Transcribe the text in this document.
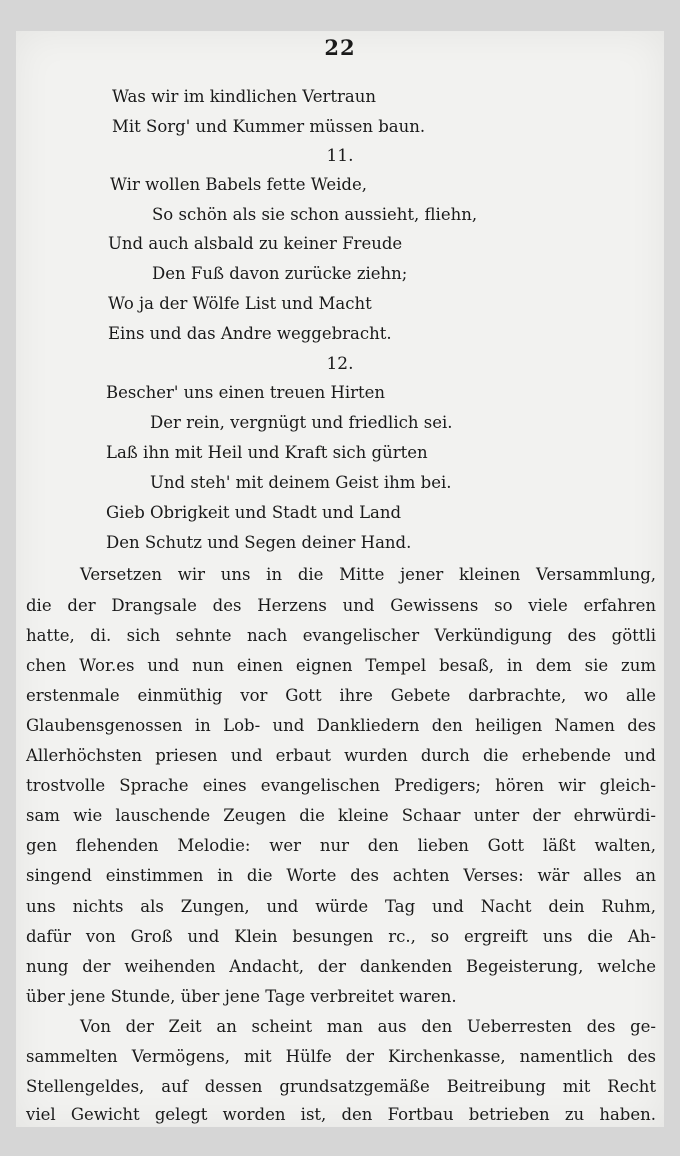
22
Was wir im kindlichen Vertraun
Mit Sorg' und Kummer müssen baun.
11.
Wir wollen Babels fette Weide,
So schön als sie schon aussieht, fliehn,
Und auch alsbald zu keiner Freude
Den Fuß davon zurücke ziehn;
Wo ja der Wölfe List und Macht
Eins und das Andre weggebracht.
12.
Bescher' uns einen treuen Hirten
Der rein, vergnügt und friedlich sei.
Laß ihn mit Heil und Kraft sich gürten
Und steh' mit deinem Geist ihm bei.
Gieb Obrigkeit und Stadt und Land
Den Schutz und Segen deiner Hand.
Versetzen wir uns in die Mitte jener kleinen Versammlung,
die der Drangsale des Herzens und Gewissens so viele erfahren
hatte, di. sich sehnte nach evangelischer Verkündigung des göttli
chen Wor.es und nun einen eignen Tempel besaß, in dem sie zum
erstenmale einmüthig vor Gott ihre Gebete darbrachte, wo alle
Glaubensgenossen in Lob- und Dankliedern den heiligen Namen des
Allerhöchsten priesen und erbaut wurden durch die erhebende und
trostvolle Sprache eines evangelischen Predigers; hören wir gleich-
sam wie lauschende Zeugen die kleine Schaar unter der ehrwürdi-
gen flehenden Melodie: wer nur den lieben Gott läßt walten,
singend einstimmen in die Worte des achten Verses: wär alles an
uns nichts als Zungen, und würde Tag und Nacht dein Ruhm,
dafür von Groß und Klein besungen rc., so ergreift uns die Ah-
nung der weihenden Andacht, der dankenden Begeisterung, welche
über jene Stunde, über jene Tage verbreitet waren.
Von der Zeit an scheint man aus den Ueberresten des ge-
sammelten Vermögens, mit Hülfe der Kirchenkasse, namentlich des
Stellengeldes, auf dessen grundsatzgemäße Beitreibung mit Recht
viel Gewicht gelegt worden ist, den Fortbau betrieben zu haben.
